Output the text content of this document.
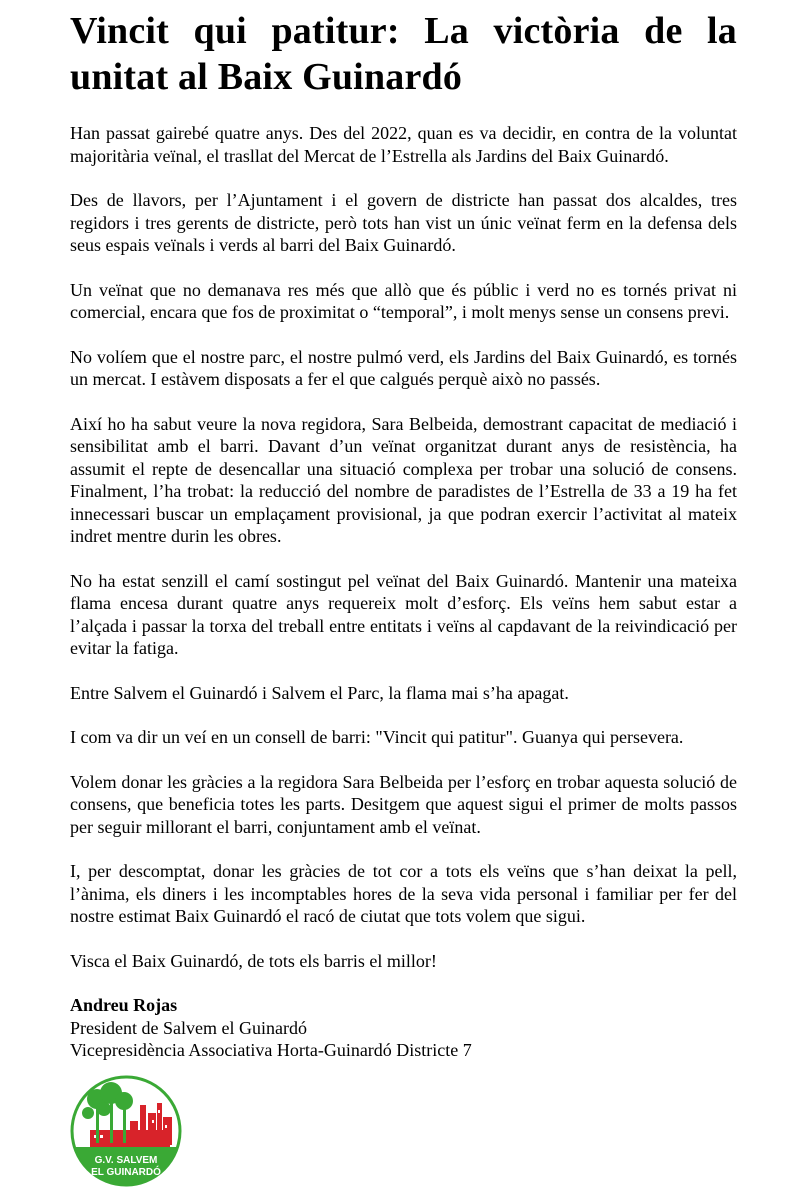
Vincit qui patitur: La victòria de la unitat al Baix Guinardó

Han passat gairebé quatre anys. Des del 2022, quan es va decidir, en contra de la voluntat majoritària veïnal, el trasllat del Mercat de l’Estrella als Jardins del Baix Guinardó.

Des de llavors, per l’Ajuntament i el govern de districte han passat dos alcaldes, tres regidors i tres gerents de districte, però tots han vist un únic veïnat ferm en la defensa dels seus espais veïnals i verds al barri del Baix Guinardó.

Un veïnat que no demanava res més que allò que és públic i verd no es tornés privat ni comercial, encara que fos de proximitat o “temporal”, i molt menys sense un consens previ.

No volíem que el nostre parc, el nostre pulmó verd, els Jardins del Baix Guinardó, es tornés un mercat. I estàvem disposats a fer el que calgués perquè això no passés.

Així ho ha sabut veure la nova regidora, Sara Belbeida, demostrant capacitat de mediació i sensibilitat amb el barri. Davant d’un veïnat organitzat durant anys de resistència, ha assumit el repte de desencallar una situació complexa per trobar una solució de consens. Finalment, l’ha trobat: la reducció del nombre de paradistes de l’Estrella de 33 a 19 ha fet innecessari buscar un emplaçament provisional, ja que podran exercir l’activitat al mateix indret mentre durin les obres.

No ha estat senzill el camí sostingut pel veïnat del Baix Guinardó. Mantenir una mateixa flama encesa durant quatre anys requereix molt d’esforç. Els veïns hem sabut estar a l’alçada i passar la torxa del treball entre entitats i veïns al capdavant de la reivindicació per evitar la fatiga.

Entre Salvem el Guinardó i Salvem el Parc, la flama mai s’ha apagat.

I com va dir un veí en un consell de barri: "Vincit qui patitur". Guanya qui persevera.

Volem donar les gràcies a la regidora Sara Belbeida per l’esforç en trobar aquesta solució de consens, que beneficia totes les parts. Desitgem que aquest sigui el primer de molts passos per seguir millorant el barri, conjuntament amb el veïnat.

I, per descomptat, donar les gràcies de tot cor a tots els veïns que s’han deixat la pell, l’ànima, els diners i les incomptables hores de la seva vida personal i familiar per fer del nostre estimat Baix Guinardó el racó de ciutat que tots volem que sigui.

Visca el Baix Guinardó, de tots els barris el millor!

Andreu Rojas
President de Salvem el Guinardó
Vicepresidència Associativa Horta-Guinardó Districte 7
G.V. SALVEM
EL GUINARDÓ
